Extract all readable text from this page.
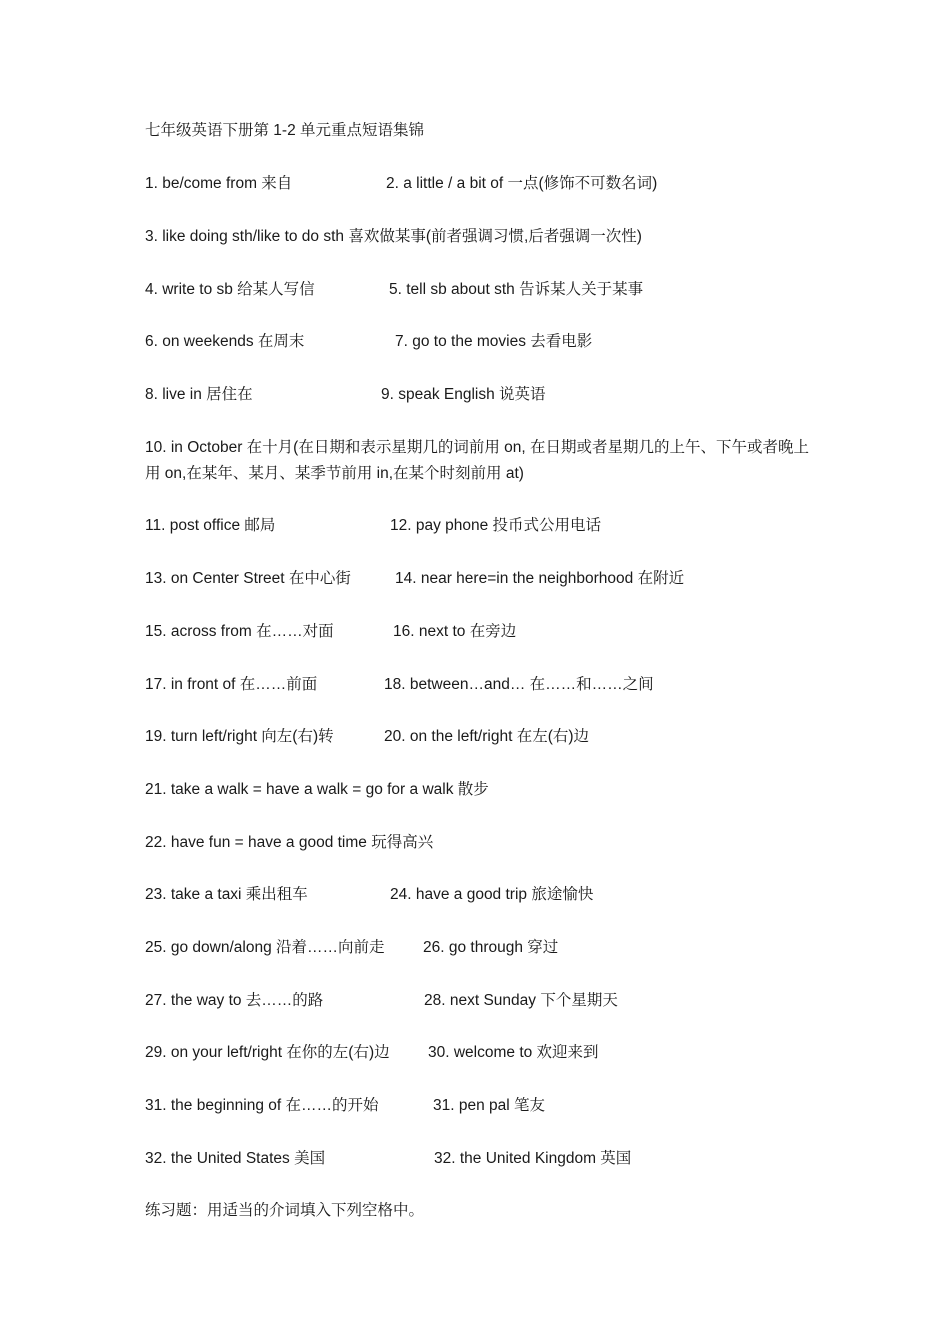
七年级英语下册第 1-2 单元重点短语集锦
1. be/come from 来自	2. a little / a bit of 一点(修饰不可数名词)
3. like doing sth/like to do sth 喜欢做某事(前者强调习惯,后者强调一次性)
4. write to sb 给某人写信	5. tell sb about sth 告诉某人关于某事
6. on weekends 在周末	7. go to the movies 去看电影
8. live in 居住在	9. speak English 说英语
10. in October 在十月(在日期和表示星期几的词前用 on, 在日期或者星期几的上午、下午或者晚上用 on,在某年、某月、某季节前用 in,在某个时刻前用 at)
11. post office 邮局	12. pay phone 投币式公用电话
13. on Center Street 在中心街	14. near here=in the neighborhood 在附近
15. across from 在……对面	16. next to 在旁边
17. in front of 在……前面	18. between…and… 在……和……之间
19. turn left/right 向左(右)转	20. on the left/right 在左(右)边
21. take a walk = have a walk = go for a walk 散步
22. have fun = have a good time 玩得高兴
23. take a taxi 乘出租车	24. have a good trip 旅途愉快
25. go down/along 沿着……向前走 26. go through 穿过
27. the way to 去……的路	28. next Sunday 下个星期天
29. on your left/right 在你的左(右)边 30. welcome to 欢迎来到
31. the beginning of 在……的开始	31. pen pal 笔友
32. the United States 美国	32. the United Kingdom 英国
练习题：用适当的介词填入下列空格中。
